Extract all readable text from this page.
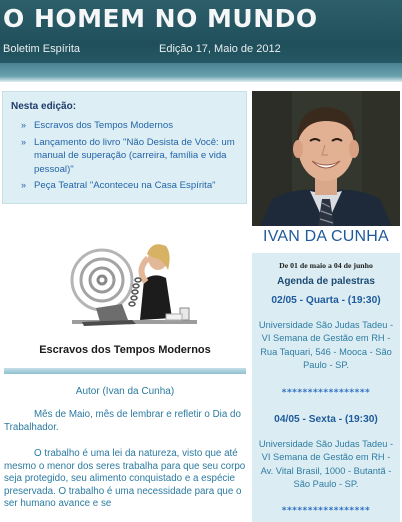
O HOMEM NO MUNDO
Boletim Espírita	Edição 17, Maio de 2012
Nesta edição:
» Escravos dos Tempos Modernos
» Lançamento do livro "Não Desista de Você: um manual de superação (carreira, família e vida pessoal)"
» Peça Teatral "Aconteceu na Casa Espírita"
IVAN DA CUNHA
De 01 de maio a 04 de junho
Agenda de palestras
02/05 - Quarta - (19:30)
Universidade São Judas Tadeu - VI Semana de Gestão em RH - Rua Taquari, 546 - Mooca - São Paulo - SP.
*****************
04/05 - Sexta - (19:30)
Universidade São Judas Tadeu - VI Semana de Gestão em RH - Av. Vital Brasil, 1000 - Butantã - São Paulo - SP.
*****************
Escravos dos Tempos Modernos
Autor (Ivan da Cunha)
Mês de Maio, mês de lembrar e refletir o Dia do Trabalhador.
O trabalho é uma lei da natureza, visto que até mesmo o menor dos seres trabalha para que seu corpo seja protegido, seu alimento conquistado e a espécie preservada. O trabalho é uma necessidade para que o ser humano avance e se
